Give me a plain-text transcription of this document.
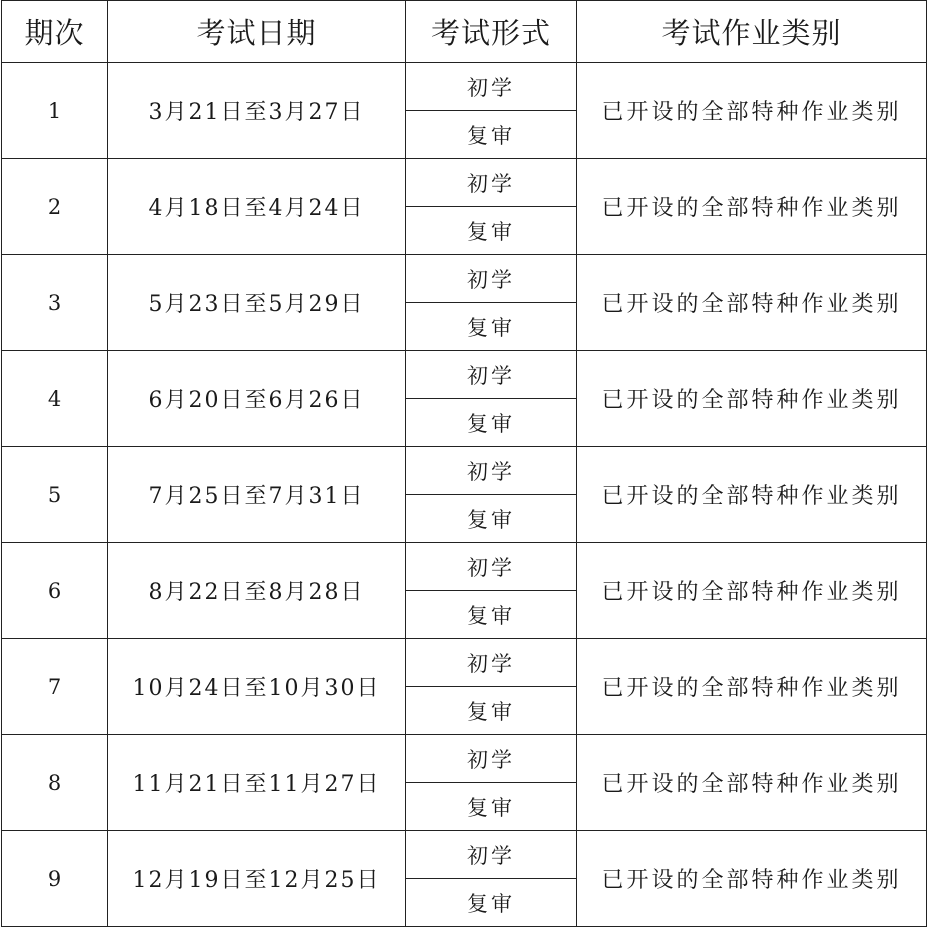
期次	考试日期	考试形式	考试作业类别
1	3月21日至3月27日	初学	已开设的全部特种作业类别
		复审	
2	4月18日至4月24日	初学	已开设的全部特种作业类别
		复审	
3	5月23日至5月29日	初学	已开设的全部特种作业类别
		复审	
4	6月20日至6月26日	初学	已开设的全部特种作业类别
		复审	
5	7月25日至7月31日	初学	已开设的全部特种作业类别
		复审	
6	8月22日至8月28日	初学	已开设的全部特种作业类别
		复审	
7	10月24日至10月30日	初学	已开设的全部特种作业类别
		复审	
8	11月21日至11月27日	初学	已开设的全部特种作业类别
		复审	
9	12月19日至12月25日	初学	已开设的全部特种作业类别
		复审	
